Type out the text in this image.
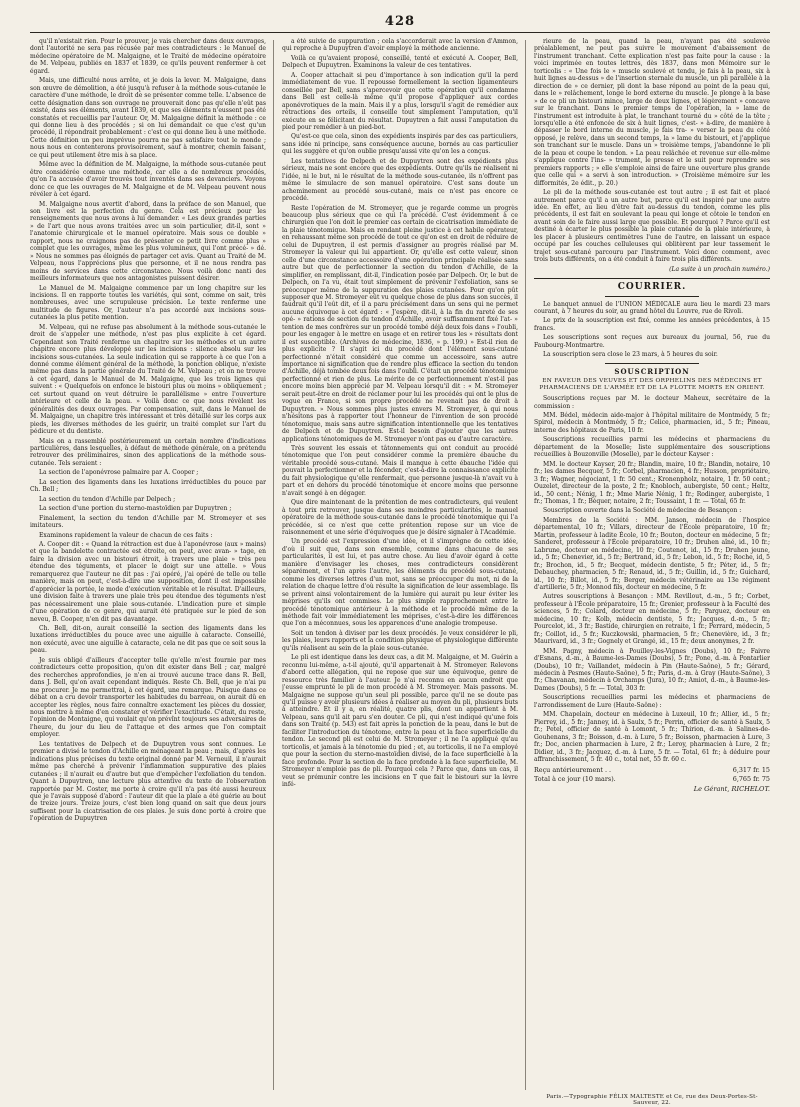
428

qu'il n'existait rien. Pour le prouver, je vais chercher dans deux ouvrages, dont l'autorité ne sera pas récusée par mes contradicteurs : le Manuel de médecine opératoire de M. Malgaigne, et le Traité de médecine opératoire de M. Velpeau, publiés en 1837 et 1839, ce qu'ils peuvent renfermer à cet égard.

Mais, une difficulté nous arrête, et je dois la lever. M. Malgaigne, dans son œuvre de démolition, a été jusqu'à refuser à la méthode sous-cutanée le caractère d'une méthode, le droit de se présenter comme telle. L'absence de cette désignation dans son ouvrage ne prouverait donc pas qu'elle n'eût pas existé, dans ses éléments, avant 1839, et que ses éléments n'eussent pas été constatés et recueillis par l'auteur. Or, M. Malgaigne définit la méthode : ce qui donne lieu à des procédés ; si on lui demandait ce que c'est qu'un procédé, il répondrait probablement : c'est ce qui donne lieu à une méthode. Cette définition un peu imprévue pourra ne pas satisfaire tout le monde ; nous nous en contenterons provisoirement, sauf à montrer, chemin faisant, ce qui peut utilement être mis à sa place.

Même avec la définition de M. Malgaigne, la méthode sous-cutanée peut être considérée comme une méthode, car elle a de nombreux procédés, qu'on l'a accusée d'avoir trouvés tout inventés dans ses devanciers. Voyons donc ce que les ouvrages de M. Malgaigne et de M. Velpeau peuvent nous révéler à cet égard.

M. Malgaigne nous avertit d'abord, dans la préface de son Manuel, que son livre est la perfection du genre. Cela est précieux pour les renseignements que nous avons à lui demander. « Les deux grandes parties » de l'art que nous avons traitées avec un soin particulier, dit-il, sont » l'anatomie chirurgicale et le manuel opératoire. Mais sous ce double » rapport, nous ne craignons pas de présenter ce petit livre comme plus » complet que les ouvrages, même les plus volumineux, qui l'ont précé- » dé. » Nous ne sommes pas éloignés de partager cet avis. Quant au Traité de M. Velpeau, nous l'apprécions plus que personne, et il ne nous rendra pas moins de services dans cette circonstance. Nous voilà donc nanti des meilleurs informateurs que nos antagonistes puissent désirer.

Le Manuel de M. Malgaigne commence par un long chapitre sur les incisions. Il en rapporte toutes les variétés, qui sont, comme on sait, très nombreuses, avec une scrupuleuse précision. Le texte renferme une multitude de figures. Or, l'auteur n'a pas accordé aux incisions sous-cutanées la plus petite mention.

M. Velpeau, qui ne refuse pas absolument à la méthode sous-cutanée le droit de s'appeler une méthode, n'est pas plus explicite à cet égard. Cependant son Traité renferme un chapitre sur les méthodes et un autre chapitre encore plus développé sur les incisions : silence absolu sur les incisions sous-cutanées. La seule indication qui se rapporte à ce que l'on a donné comme élément général de la méthode, la ponction oblique, n'existe même pas dans la partie générale du Traité de M. Velpeau ; et on ne trouve à cet égard, dans le Manuel de M. Malgaigne, que les trois lignes qui suivent : « Quelquefois on enfonce le bistouri plus ou moins » obliquement ; cet surtout quand on veut détruire le parallélisme » entre l'ouverture intérieure et celle de la peau. » Voilà donc ce que nous révèlent les généralités des deux ouvrages. Par compensation, suit, dans le Manuel de M. Malgaigne, un chapitre très intéressant et très détaillé sur les corps aux pieds, les diverses méthodes de les guérir, un traité complet sur l'art du pédicure et du dentiste.

Mais on a rassemblé postérieurement un certain nombre d'indications particulières, dans lesquelles, à défaut de méthode générale, on a prétendu retrouver des préliminaires, sinon des applications de la méthode sous-cutanée. Tels seraient :

La section de l'aponévrose palmaire par A. Cooper ;

La section des ligaments dans les luxations irréductibles du pouce par Ch. Bell ;

La section du tendon d'Achille par Delpech ;

La section d'une portion du sterno-mastoïdien par Dupuytren ;

Finalement, la section du tendon d'Achille par M. Stromeyer et ses imitateurs.

Examinons rapidement la valeur de chacun de ces faits :

A. Cooper dit : « Quand la rétraction est due à l'aponévrose (aux » mains) et que la bandelette contractée est étroite, on peut, avec avan- » tage, en faire la division avec un bistouri étroit, à travers une plaie » très peu étendue des téguments, et placer le doigt sur une attelle. » Vous remarquerez que l'auteur ne dit pas : j'ai opéré, j'ai opéré de telle ou telle manière, mais on peut, c'est-à-dire une supposition, dont il est impossible d'apprécier la portée, le mode d'exécution véritable et le résultat. D'ailleurs, une division faite à travers une plaie très peu étendue des téguments n'est pas nécessairement une plaie sous-cutanée. L'indication pure et simple d'une opération de ce genre, qui aurait été pratiquée sur le pied de son neveu, B. Cooper, n'en dit pas davantage.

Ch. Bell, dit-on, aurait conseillé la section des ligaments dans les luxations irréductibles du pouce avec une aiguille à cataracte. Conseillé, non exécuté, avec une aiguille à cataracte, cela ne dit pas que ce soit sous la peau.

Je suis obligé d'ailleurs d'accepter telle qu'elle m'est fournie par mes contradicteurs cette proposition, qu'on dit exister dans Bell ; car, malgré des recherches approfondies, je n'en ai trouvé aucune trace dans R. Bell, dans J. Bell, qu'on avait cependant indiqués. Reste Ch. Bell, que je n'ai pu me procurer. Je me permettrai, à cet égard, une remarque. Puisque dans ce débat on a cru devoir transporter les habitudes du barreau, on aurait dû en accepter les règles, nous faire connaître exactement les pièces du dossier, nous mettre à même d'en constater et vérifier l'exactitude. C'était, du reste, l'opinion de Montaigne, qui voulait qu'on prévînt toujours ses adversaires de l'heure, du jour du lieu de l'attaque et des armes que l'on comptait employer.

Les tentatives de Delpech et de Dupuytren vous sont connues. Le premier a divisé le tendon d'Achille en ménageant la peau ; mais, d'après les indications plus précises du texte original donné par M. Verneuil, il n'aurait même pas cherché à prévenir l'inflammation suppurative des plaies cutanées ; il n'aurait eu d'autre but que d'empêcher l'exfoliation du tendon. Quant à Dupuytren, une lecture plus attentive du texte de l'observation rapportée par M. Coster, me porte à croire qu'il n'a pas été aussi heureux que je l'avais supposé d'abord : l'auteur dit que la plaie a été guérie au bout de treize jours. Treize jours, c'est bien long quand on sait que deux jours suffisent pour la cicatrisation de ces plaies. Je suis donc porté à croire que l'opération de Dupuytren

a été suivie de suppuration ; cela s'accorderait avec la version d'Ammon, qui reproche à Dupuytren d'avoir employé la méthode ancienne.

Voilà ce qu'avaient proposé, conseillé, tenté et exécuté A. Cooper, Bell, Delpech et Dupuytren. Examinons la valeur de ces tentatives.

A. Cooper attachait si peu d'importance à son indication qu'il la perd immédiatement de vue. Il repousse formellement la section ligamenteurs conseillée par Bell, sans s'apercevoir que cette opération qu'il condamne dans Bell est celle-là même qu'il propose d'appliquer aux cordes aponévrotiques de la main. Mais il y a plus, lorsqu'il s'agit de remédier aux rétractions des orteils, il conseille tout simplement l'amputation, qu'il exécute en se félicitant du résultat. Dupuytren a fait aussi l'amputation du pied pour remédier à un pied-bot.

Qu'est-ce que cela, sinon des expédients inspirés par des cas particuliers, sans idée ni principe, sans conséquence aucune, bornés au cas particulier qui les suggère et qu'on oublie presqu'aussi vite qu'on les a conçus.

Les tentatives de Delpech et de Dupuytren sont des expédients plus sérieux, mais ne sont encore que des expédients. Outre qu'ils ne réalisent ni l'idée, ni le but, ni le résultat de la méthode sous-cutanée, ils n'offrent pas même le simulacre de son manuel opératoire. C'est sans doute un acheminement au procédé sous-cutané, mais ce n'est pas encore ce procédé.

Reste l'opération de M. Stromeyer, que je regarde comme un progrès beaucoup plus sérieux que ce qui l'a précédé. C'est évidemment à ce chirurgien que l'on doit le premier cas certain de cicatrisation immédiate de la plaie ténotomique. Mais en rendant pleine justice à cet habile opérateur, en rehaussant même son procédé de tout ce qu'on est en droit de réduire de celui de Dupuytren, il est permis d'assigner au progrès réalisé par M. Stromeyer la valeur qui lui appartient. Or, qu'elle est cette valeur, sinon celle d'une circonstance accessoire d'une opération principale réalisée sans autre but que de perfectionner la section du tendon d'Achille, de la simplifier, en remplissant, dit-il, l'indication posée par Delpech. Or, le but de Delpech, on l'a vu, était tout simplement de prévenir l'exfoliation, sans se préoccuper même de la suppuration des plaies cutanées. Pour qu'on pût supposer que M. Stromeyer eût vu quelque chose de plus dans son succès, il faudrait qu'il l'eût dit, et il a paru précisément dans un sens qui ne permet aucune équivoque à cet égard : « J'espère, dit-il, à la fin du rareté de ses opé- » rations de section du tendon d'Achille, avoir suffisamment fixé l'at- » tention de mes confrères sur un procédé tombé déjà deux fois dans » l'oubli, pour les engager à le mettre en usage et en retirer tous les » résultats dont il est susceptible. (Archives de médecine, 1836, » p. 199.) » Est-il rien de plus explicite ? Il s'agit ici du procédé dont l'élément sous-cutané perfectionné n'était considéré que comme un accessoire, sans autre importance ni signification que de rendre plus efficace la section du tendon d'Achille, déjà tombée deux fois dans l'oubli. C'était un procédé ténotomique perfectionné et rien de plus. Le mérite de ce perfectionnement n'est-il pas encore moins bien apprécié par M. Velpeau lorsqu'il dit : « M. Stromeyer serait peut-être en droit de réclamer pour lui les procédés qui ont le plus de vogue en France, si son propre procédé ne revenait pas de droit à Dupuytren. » Nous sommes plus justes envers M. Stromeyer, à qui nous n'hésitons pas à rapporter tout l'honneur de l'invention de son procédé ténotomique, mais sans autre signification intentionnelle que les tentatives de Delpech et de Dupuytren. Est-il besoin d'ajouter que les autres applications ténotomiques de M. Stromeyer n'ont pas eu d'autre caractère.

Très souvent les essais et tâtonnements qui ont conduit au procédé ténotomique que l'on peut considérer comme la première ébauche du véritable procédé sous-cutané. Mais il manque à cette ébauche l'idée qui pouvait la perfectionner et la féconder, c'est-à-dire la connaissance explicite du fait physiologique qu'elle renfermait, que personne jusque-là n'avait vu à part et en dehors du procédé ténotomique et encore moins que personne n'avait songé à en dégager.

Que dire maintenant de la prétention de mes contradicteurs, qui veulent à tout prix retrouver, jusque dans ses moindres particularités, le manuel opératoire de la méthode sous-cutanée dans le procédé ténotomique qui l'a précédée, si ce n'est que cette prétention repose sur un vice de raisonnement et une série d'équivoques que je désire signaler à l'Académie.

Un procédé est l'expression d'une idée, et il s'imprègne de cette idée, d'où il suit que, dans son ensemble, comme dans chacune de ses particularités, il est lui, et pas autre chose. Au lieu d'avoir égard à cette manière d'envisager les choses, mes contradicteurs considèrent séparément, et l'un après l'autre, les éléments du procédé sous-cutané, comme les diverses lettres d'un mot, sans se préoccuper du mot, ni de la relation de chaque lettre d'où résulte la signification de leur assemblage. Ils se privent ainsi volontairement de la lumière qui aurait pu leur éviter les méprises qu'ils ont commises. Le plus simple rapprochement entre le procédé ténotomique antérieur à la méthode et le procédé même de la méthode fait voir immédiatement les méprises, c'est-à-dire les différences que l'on a méconnues, sous les apparences d'une analogie trompeuse.

Soit un tendon à diviser par les deux procédés. Je veux considérer le pli, les plaies, leurs rapports et la condition physique et physiologique différente qu'ils réalisent au sein de la plaie sous-cutanée.

Le pli est identique dans les deux cas, a dit M. Malgaigne, et M. Guérin a reconnu lui-même, a-t-il ajouté, qu'il appartenait à M. Stromeyer. Relevons d'abord cette allégation, qui ne repose que sur une équivoque, genre de ressource très familier à l'auteur. Je n'ai reconnu en aucun endroit que j'eusse emprunté le pli de mon procédé à M. Stromeyer. Mais passons. M. Malgaigne ne suppose qu'un seul pli possible, parce qu'il ne se doute pas qu'il puisse y avoir plusieurs idées à réaliser au moyen du pli, plusieurs buts à atteindre. Et il y a, en réalité, quatre plis, dont un appartient à M. Velpeau, sans qu'il ait paru s'en douter. Ce pli, qui n'est indiqué qu'une fois dans son Traité (p. 543) est fait après la ponction de la peau, dans le but de faciliter l'introduction du ténotome, entre la peau et la face superficielle du tendon. Le second pli est celui de M. Stromeyer ; il ne l'a appliqué qu'au torticolis, et jamais à la ténotomie du pied ; et, au torticolis, il ne l'a employé que pour la section du sterno-mastoïdien divisé, de la face superficielle à la face profonde. Pour la section de la face profonde à la face superficielle, M. Stromeyer n'emploie pas de pli. Pourquoi cela ? Parce que, dans un cas, il veut se prémunir contre les incisions en T que fait le bistouri sur la lèvre infé-

rieure de la peau, quand la peau, n'ayant pas été soulevée préalablement, ne peut pas suivre le mouvement d'abaissement de l'instrument tranchant. Cette explication n'est pas faite pour la cause : la voici imprimée en toutes lettres, dès 1837, dans mon Mémoire sur le torticolis : « Une fois le » muscle soulevé et tendu, je fais à la peau, six à huit lignes au-dessus » de l'insertion sternale du muscle, un pli parallèle à la direction de » ce dernier, pli dont la base répond au point de la peau qui, dans le » relâchement, longe le bord externe du muscle. Je plonge à la base » de ce pli un bistouri mince, large de deux lignes, et légèrement » concave sur le tranchant. Dans le premier temps de l'opération, la » lame de l'instrument est introduite à plat, le tranchant tourné du » côté de la tête ; lorsqu'elle a été enfoncée de six à huit lignes, c'est- » à-dire, de manière à dépasser le bord interne du muscle, je fais tra- » verser la peau du côté opposé, je relève, dans un second temps, la » lame du bistouri, et j'applique son tranchant sur le muscle. Dans un » troisième temps, j'abandonne le pli de la peau et coupe le tendon. » La peau relâchée et revenue sur elle-même s'applique contre l'ins- » trument, le presse et le suit pour reprendre ses premiers rapports ; » elle s'emploie ainsi de faire une ouverture plus grande que celle qui » a servi à son introduction. » (Troisième mémoire sur les difformités, 2e édit., p. 20.)

Le pli de la méthode sous-cutanée est tout autre ; il est fait et placé autrement parce qu'il a un autre but, parce qu'il est inspiré par une autre idée. En effet, au lieu d'être fait au-dessus du tendon, comme les plis précédents, il est fait en soulevant la peau qui longe et côtoie le tendon en avant soin de le faire aussi large que possible. Et pourquoi ? Parce qu'il est destiné à écarter le plus possible la plaie cutanée de la plaie intérieure, à les placer à plusieurs centimètres l'une de l'autre, en laissant un espace occupé par les couches celluleuses qui oblitèrent par leur tassement le trajet sous-cutané parcouru par l'instrument. Voici donc comment, avec trois buts différents, on a été conduit à faire trois plis différents.

(La suite à un prochain numéro.)

COURRIER.

Le banquet annuel de l'UNION MÉDICALE aura lieu le mardi 23 mars courant, à 7 heures du soir, au grand hôtel du Louvre, rue de Rivoli.

Le prix de la souscription est fixé, comme les années précédentes, à 15 francs.

Les souscriptions sont reçues aux bureaux du journal, 56, rue du Faubourg-Montmartre.

La souscription sera close le 23 mars, à 5 heures du soir.

SOUSCRIPTION
EN FAVEUR DES VEUVES ET DES ORPHELINS DES MÉDECINS ET PHARMACIENS DE L'ARMÉE ET DE LA FLOTTE MORTS EN ORIENT.

Souscriptions reçues par M. le docteur Maheux, secrétaire de la commission :

MM. Bédel, médecin aide-major à l'hôpital militaire de Montmédy, 5 fr.; Spirol, médecin à Montmédy, 5 fr.; Celice, pharmacien, id., 5 fr.; Pineau, interne des hôpitaux de Paris, 10 fr.

Souscriptions recueillies parmi les médecins et pharmaciens du département de la Moselle; liste supplémentaire des souscriptions recueillies à Bouzonville (Moselle), par le docteur Kayser :

MM. le docteur Kayser, 20 fr.; Blandin, maire, 10 fr.; Blandin, notaire, 10 fr.; les dames Becquer, 5 fr.; Corbel, pharmacien, 4 fr.; Husson, propriétaire, 3 fr.; Wagner, négociant, 1 fr. 50 cent.; Kronenpholz, notaire, 1 fr. 50 cent.; Ouzelet, directeur de la poste, 2 fr.; Knobloch, aubergiste, 50 cent.; Heltz, id., 50 cent.; Nénig, 1 fr.; Mme Marie Nénig, 1 fr.; Rodinger, aubergiste, 1 fr.; Thomas, 1 fr.; Béquer, notaire, 2 fr.; Toussaint, 1 fr. — Total, 65 fr.

Souscription ouverte dans la Société de médecine de Besançon :

Membres de la Société : MM. Janson, médecin de l'hospice départemental, 10 fr.; Villars, directeur de l'École préparatoire, 10 fr.; Martin, professeur à ladite École, 10 fr.; Bouton, docteur en médecine, 5 fr.; Sanderet, professeur à l'École préparatoire, 10 fr.; Druhen aîné, id., 10 fr.; Labrune, docteur en médecine, 10 fr.; Coutenot, id., 15 fr.; Druhen jeune, id., 5 fr.; Chenevier, id., 5 fr.; Bertrand, id., 5 fr.; Lebon, id., 5 fr.; Roche, id, 5 fr.; Brochon, id., 5 fr.; Becquet, médecin dentiste, 5 fr.; Péter, id., 5 fr.; Debauchey, pharmacien, 5 fr.; Renaud, id., 5 fr.; Guillin, id., 5 fr.; Guichard, id., 10 fr.; Billot, id., 5 fr.; Berger, médecin vétérinaire au 13e régiment d'artillerie, 5 fr.; Monnod fils, docteur en médecine, 5 fr.

Autres souscriptions à Besançon : MM. Revillout, d.-m., 5 fr.; Corbet, professeur à l'École préparatoire, 15 fr.; Grenier, professeur à la Faculté des sciences, 5 fr.; Colard, docteur en médecine, 5 fr.; Parguez, docteur en médecine, 10 fr.; Kolb, médecin dentiste, 5 fr.; Jacques, d.-m., 5 fr.; Pourcelot, id., 3 fr.; Bastide, chirurgien en retraite, 1 fr.; Perrard, médecin, 5 fr.; Coillot, id., 5 fr.; Kuczkowski, pharmacien, 5 fr.; Chenevière, id., 3 fr.; Maurivard, id., 3 fr.; Gognely et Grangé, id., 15 fr.; deux anonymes, 2 fr.

MM. Pagny, médecin à Pouilley-les-Vignes (Doubs), 10 fr.; Faivre d'Esnans, d.-m., à Baume-les-Dames (Doubs), 5 fr.; Pone, d.-m. à Pontarlier (Doubs), 10 fr.; Vaillandet, médecin à Pin (Haute-Saône), 5 fr.; Gérard, médecin à Pesmes (Haute-Saône), 5 fr.; Paris, d.-m. à Gray (Haute-Saône), 3 fr.; Chavanan, médecin à Orchamps (Jura), 10 fr.; Amiot, d.-m., à Baume-les-Dames (Doubs), 5 fr. — Total, 303 fr.

Souscriptions recueillies parmi les médecins et pharmaciens de l'arrondissement de Lure (Haute-Saône) :

MM. Chapelain, docteur en médecine à Luxeuil, 10 fr.; Allier, id., 5 fr.; Pierrey, id., 5 fr.; Janney, id. à Saulx, 5 fr.; Perrin, officier de santé à Saulx, 5 fr.; Petel, officier de santé à Lomont, 5 fr.; Thirion, d.-m. à Salines-de-Gouhenans, 3 fr.; Boisson, d.-m. à Lure, 5 fr.; Boisson, pharmacien à Lure, 3 fr.; Doc, ancien pharmacien à Lure, 2 fr.; Leroy, pharmacien à Lure, 2 fr.; Didier, id., 3 fr.; Jacquez, d.-m. à Lure, 5 fr. — Total, 61 fr.; à déduire pour affranchissement, 5 fr. 40 c., total net, 55 fr. 60 c.

Reçu antérieurement . .	6,317 fr. 15
Total à ce jour (10 mars).	6,765 fr. 75
Le Gérant, RICHELOT.
Paris.—Typographie FÉLIX MALTESTE et Ce, rue des Deux-Portes-St-Sauveur, 22.
